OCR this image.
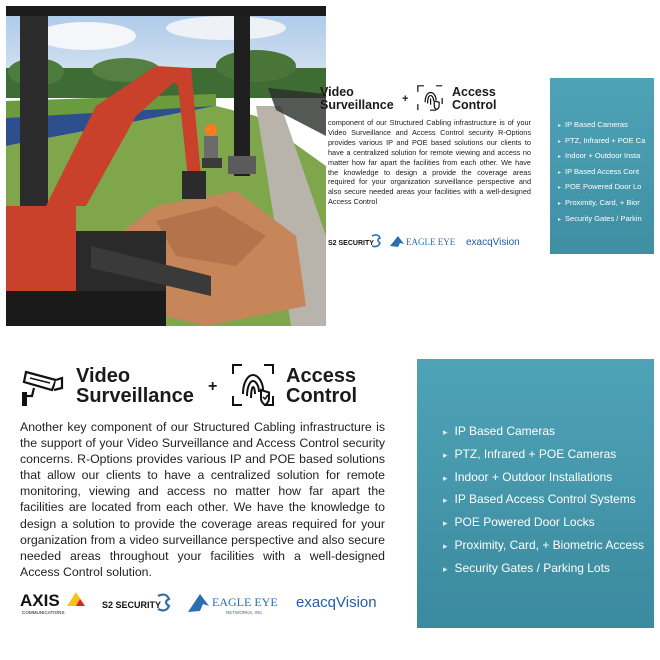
Video
Surveillance +	Access
Control

component of our Structured Cabling infrastructure is of your Video Surveillance and Access Control security R-Options provides various IP and POE based solutions our clients to have a centralized solution for remote viewing and access no matter how far apart the facilities from each other. We have the knowledge to design a provide the coverage areas required for your organization surveillance perspective and also secure needed areas your facilities with a well-designed Access Control

S2 SECURITY	EAGLE EYE exacqVision
▸ IP Based Cameras
▸ PTZ, Infrared + POE Ca
▸ Indoor + Outdoor Insta
▸ IP Based Access Cont
▸ POE Powered Door Lo
▸ Proximity, Card, + Bior
▸ Security Gates / Parkin
Video
Surveillance +	Access
Control

Another key component of our Structured Cabling infrastructure is the support of your Video Surveillance and Access Control security concerns. R-Options provides various IP and POE based solutions that allow our clients to have a centralized solution for remote monitoring, viewing and access no matter how far apart the facilities are located from each other. We have the knowledge to design a solution to provide the coverage areas required for your organization from a video surveillance perspective and also secure needed areas throughout your facilities with a well-designed Access Control solution.

AXIS
COMMUNICATIONS
S2 SECURITY	EAGLE EYE
NETWORKS, INC.
exacqVision
▸ IP Based Cameras
▸ PTZ, Infrared + POE Cameras
▸ Indoor + Outdoor Installations
▸ IP Based Access Control Systems
▸ POE Powered Door Locks
▸ Proximity, Card, + Biometric Access
▸ Security Gates / Parking Lots
